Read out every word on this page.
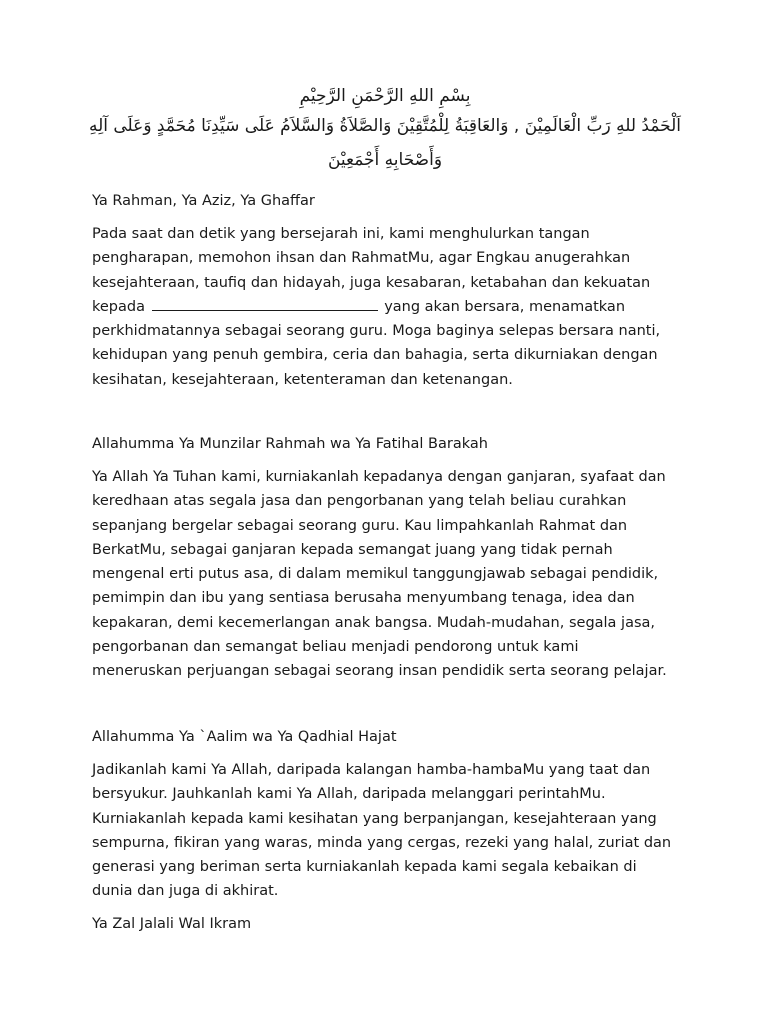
بِسْمِ اللهِ الرَّحْمَنِ الرَّحِيْمِ
اَلْحَمْدُ للهِ رَبِّ الْعَالَمِيْنَ , وَالعَاقِبَةُ لِلْمُتَّقِيْنَ وَالصَّلاَةُ وَالسَّلاَمُ عَلَى سَيِّدِنَا مُحَمَّدٍ وَعَلَى آلِهِ
وَأَصْحَابِهِ أَجْمَعِيْنَ
Ya Rahman, Ya Aziz, Ya Ghaffar
Pada saat dan detik yang bersejarah ini, kami menghulurkan tangan
pengharapan, memohon ihsan dan RahmatMu, agar Engkau anugerahkan
kesejahteraan, taufiq dan hidayah, juga kesabaran, ketabahan dan kekuatan
kepada	yang akan bersara, menamatkan
perkhidmatannya sebagai seorang guru. Moga baginya selepas bersara nanti,
kehidupan yang penuh gembira, ceria dan bahagia, serta dikurniakan dengan
kesihatan, kesejahteraan, ketenteraman dan ketenangan.
Allahumma Ya Munzilar Rahmah wa Ya Fatihal Barakah
Ya Allah Ya Tuhan kami, kurniakanlah kepadanya dengan ganjaran, syafaat dan
keredhaan atas segala jasa dan pengorbanan yang telah beliau curahkan
sepanjang bergelar sebagai seorang guru. Kau limpahkanlah Rahmat dan
BerkatMu, sebagai ganjaran kepada semangat juang yang tidak pernah
mengenal erti putus asa, di dalam memikul tanggungjawab sebagai pendidik,
pemimpin dan ibu yang sentiasa berusaha menyumbang tenaga, idea dan
kepakaran, demi kecemerlangan anak bangsa. Mudah-mudahan, segala jasa,
pengorbanan dan semangat beliau menjadi pendorong untuk kami
meneruskan perjuangan sebagai seorang insan pendidik serta seorang pelajar.
Allahumma Ya `Aalim wa Ya Qadhial Hajat
Jadikanlah kami Ya Allah, daripada kalangan hamba-hambaMu yang taat dan
bersyukur. Jauhkanlah kami Ya Allah, daripada melanggari perintahMu.
Kurniakanlah kepada kami kesihatan yang berpanjangan, kesejahteraan yang
sempurna, fikiran yang waras, minda yang cergas, rezeki yang halal, zuriat dan
generasi yang beriman serta kurniakanlah kepada kami segala kebaikan di
dunia dan juga di akhirat.
Ya Zal Jalali Wal Ikram
